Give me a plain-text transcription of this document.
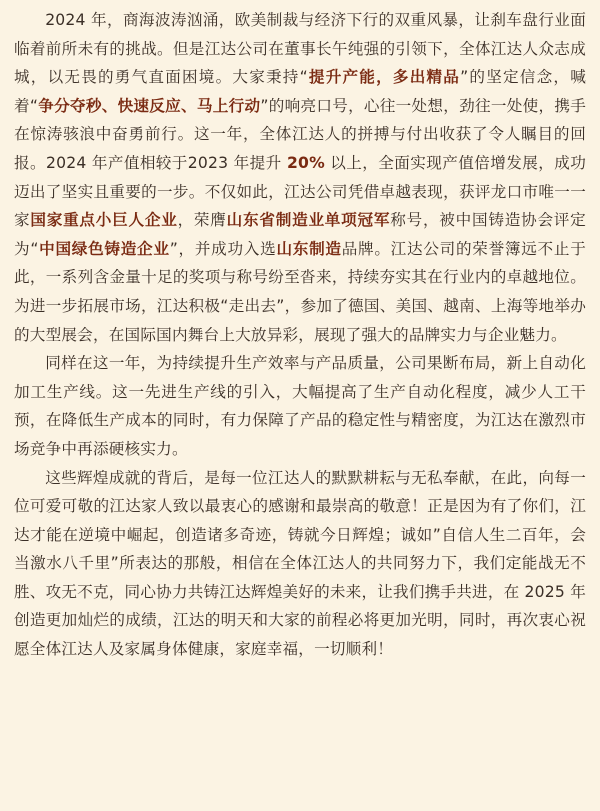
2024 年，商海波涛汹涌，欧美制裁与经济下行的双重风暴，让刹车盘行业面临着前所未有的挑战。但是江达公司在董事长午纯强的引领下，全体江达人众志成城，以无畏的勇气直面困境。大家秉持“提升产能，多出精品”的坚定信念，喊着“争分夺秒、快速反应、马上行动”的响亮口号，心往一处想，劲往一处使，携手在惊涛骇浪中奋勇前行。这一年，全体江达人的拼搏与付出收获了令人瞩目的回报。2024 年产值相较于2023 年提升 20% 以上，全面实现产值倍增发展，成功迈出了坚实且重要的一步。不仅如此，江达公司凭借卓越表现，获评龙口市唯一一家国家重点小巨人企业，荣膺山东省制造业单项冠军称号，被中国铸造协会评定为“中国绿色铸造企业”，并成功入选山东制造品牌。江达公司的荣誉簿远不止于此，一系列含金量十足的奖项与称号纷至沓来，持续夯实其在行业内的卓越地位。为进一步拓展市场，江达积极“走出去”，参加了德国、美国、越南、上海等地举办的大型展会，在国际国内舞台上大放异彩，展现了强大的品牌实力与企业魅力。

同样在这一年，为持续提升生产效率与产品质量，公司果断布局，新上自动化加工生产线。这一先进生产线的引入，大幅提高了生产自动化程度，减少人工干预，在降低生产成本的同时，有力保障了产品的稳定性与精密度，为江达在激烈市场竞争中再添硬核实力。

这些辉煌成就的背后，是每一位江达人的默默耕耘与无私奉献，在此，向每一位可爱可敬的江达家人致以最衷心的感谢和最崇高的敬意！正是因为有了你们，江达才能在逆境中崛起，创造诸多奇迹，铸就今日辉煌；诚如”自信人生二百年，会当激水八千里”所表达的那般，相信在全体江达人的共同努力下，我们定能战无不胜、攻无不克，同心协力共铸江达辉煌美好的未来，让我们携手共进，在 2025 年创造更加灿烂的成绩，江达的明天和大家的前程必将更加光明，同时，再次衷心祝愿全体江达人及家属身体健康，家庭幸福，一切顺利！
